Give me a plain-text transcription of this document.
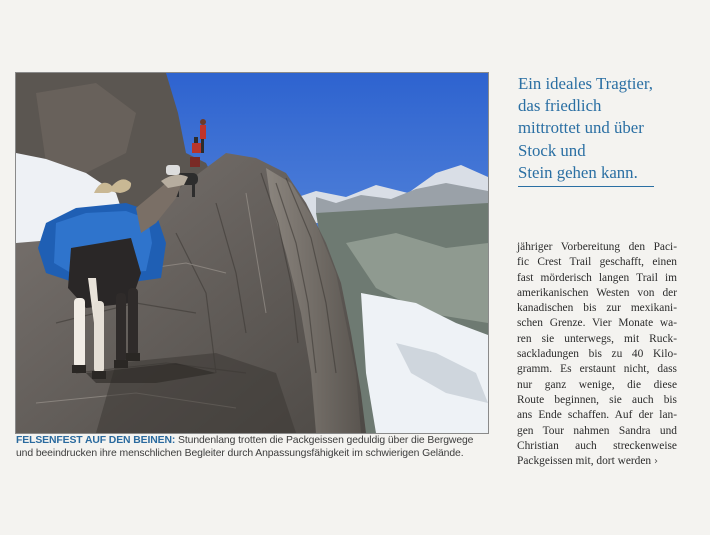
FELSENFEST AUF DEN BEINEN: Stundenlang trotten die Packgeissen geduldig über die Bergwege und beeindrucken ihre menschlichen Begleiter durch Anpassungsfähigkeit im schwierigen Gelände.
Ein ideales Tragtier,
das friedlich
mittrottet und über
Stock und
Stein gehen kann.
jähriger Vorbereitung den Paci-
fic Crest Trail geschafft, einen
fast mörderisch langen Trail im
amerikanischen Westen von der
kanadischen bis zur mexikani-
schen Grenze. Vier Monate wa-
ren sie unterwegs, mit Ruck-
sackladungen bis zu 40 Kilo-
gramm. Es erstaunt nicht, dass
nur ganz wenige, die diese
Route beginnen, sie auch bis
ans Ende schaffen. Auf der lan-
gen Tour nahmen Sandra und
Christian auch streckenweise
Packgeissen mit, dort werden ›
